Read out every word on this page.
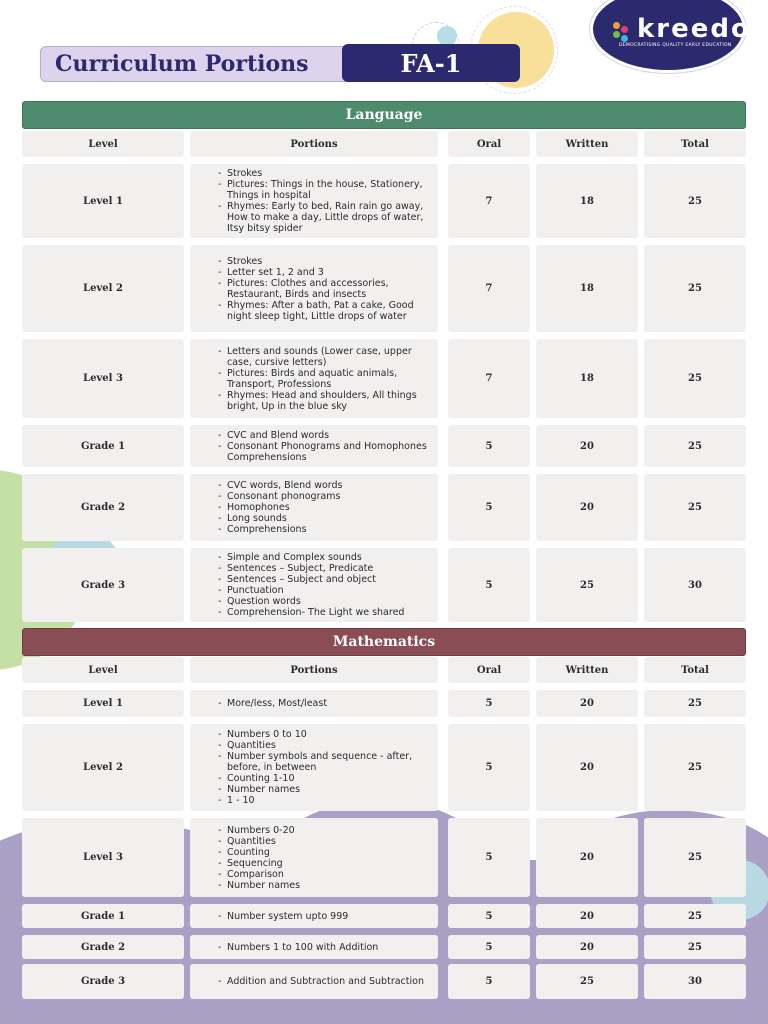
kreedo
DEMOCRATISING QUALITY EARLY EDUCATION
Curriculum Portions	FA-1
Language
Level	Portions	Oral	Written	Total
Level 1
- Strokes
- Pictures: Things in the house, Stationery, Things in hospital
- Rhymes: Early to bed, Rain rain go away, How to make a day, Little drops of water, Itsy bitsy spider
7	18	25
Level 2
- Strokes
- Letter set 1, 2 and 3
- Pictures: Clothes and accessories, Restaurant, Birds and insects
- Rhymes: After a bath, Pat a cake, Good night sleep tight, Little drops of water
7	18	25
Level 3
- Letters and sounds (Lower case, upper case, cursive letters)
- Pictures: Birds and aquatic animals, Transport, Professions
- Rhymes: Head and shoulders, All things bright, Up in the blue sky
7	18	25
Grade 1
- CVC and Blend words
- Consonant Phonograms and Homophones Comprehensions
5	20	25
Grade 2
- CVC words, Blend words
- Consonant phonograms
- Homophones
- Long sounds
- Comprehensions
5	20	25
Grade 3
- Simple and Complex sounds
- Sentences – Subject, Predicate
- Sentences – Subject and object
- Punctuation
- Question words
- Comprehension- The Light we shared
5	25	30
Mathematics
Level	Portions	Oral	Written	Total
Level 1	- More/less, Most/least	5	20	25
Level 2
- Numbers 0 to 10
- Quantities
- Number symbols and sequence - after, before, in between
- Counting 1-10
- Number names
- 1 - 10
5	20	25
Level 3
- Numbers 0-20
- Quantities
- Counting
- Sequencing
- Comparison
- Number names
5	20	25
Grade 1	- Number system upto 999	5	20	25
Grade 2	- Numbers 1 to 100 with Addition	5	20	25
Grade 3	- Addition and Subtraction and Subtraction	5	25	30
